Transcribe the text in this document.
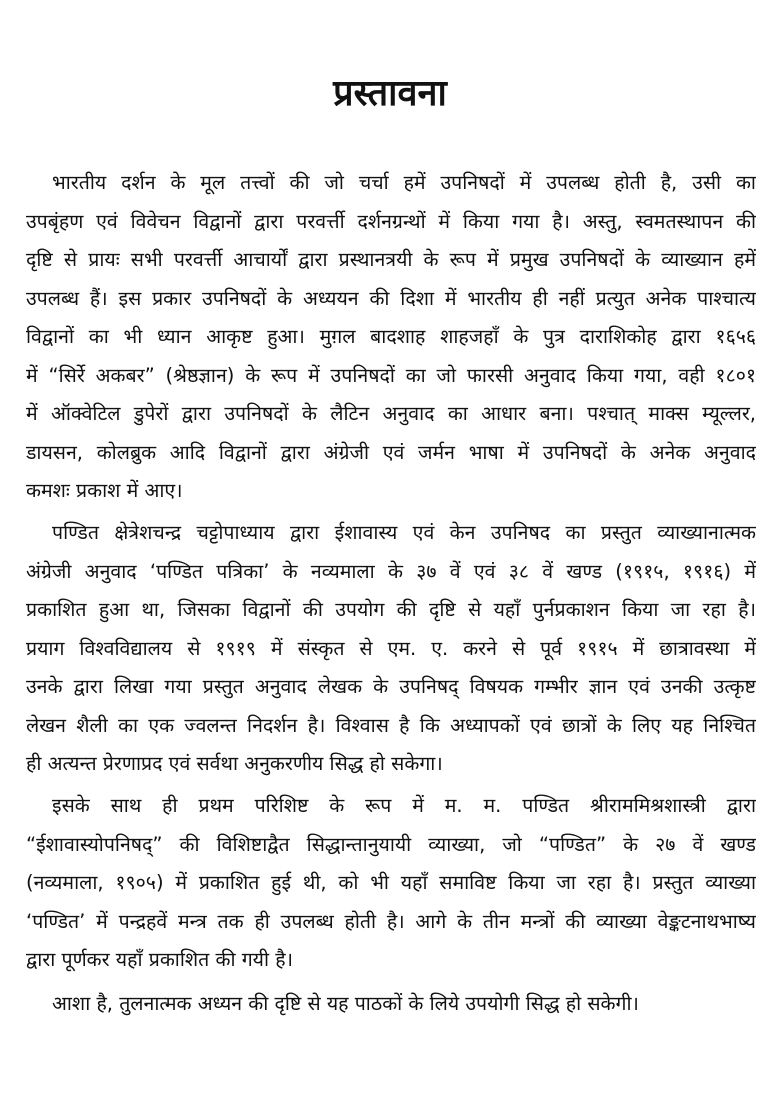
प्रस्तावना
भारतीय दर्शन के मूल तत्त्वों की जो चर्चा हमें उपनिषदों में उपलब्ध होती है, उसी का
उपबृंहण एवं विवेचन विद्वानों द्वारा परवर्त्ती दर्शनग्रन्थों में किया गया है। अस्तु, स्वमतस्थापन की
दृष्टि से प्रायः सभी परवर्त्ती आचार्यों द्वारा प्रस्थानत्रयी के रूप में प्रमुख उपनिषदों के व्याख्यान हमें
उपलब्ध हैं। इस प्रकार उपनिषदों के अध्ययन की दिशा में भारतीय ही नहीं प्रत्युत अनेक पाश्चात्य
विद्वानों का भी ध्यान आकृष्ट हुआ। मुग़ल बादशाह शाहजहाँ के पुत्र दाराशिकोह द्वारा १६५६
में “सिर्रे अकबर” (श्रेष्ठज्ञान) के रूप में उपनिषदों का जो फारसी अनुवाद किया गया, वही १८०१
में ऑक्वेटिल डुपेरों द्वारा उपनिषदों के लैटिन अनुवाद का आधार बना। पश्चात् माक्स म्यूल्लर,
डायसन, कोलब्रुक आदि विद्वानों द्वारा अंग्रेजी एवं जर्मन भाषा में उपनिषदों के अनेक अनुवाद
कमशः प्रकाश में आए।
पण्डित क्षेत्रेशचन्द्र चट्टोपाध्याय द्वारा ईशावास्य एवं केन उपनिषद का प्रस्तुत व्याख्यानात्मक
अंग्रेजी अनुवाद ‘पण्डित पत्रिका’ के नव्यमाला के ३७ वें एवं ३८ वें खण्ड (१९१५, १९१६) में
प्रकाशित हुआ था, जिसका विद्वानों की उपयोग की दृष्टि से यहाँ पुर्नप्रकाशन किया जा रहा है।
प्रयाग विश्वविद्यालय से १९१९ में संस्कृत से एम. ए. करने से पूर्व १९१५ में छात्रावस्था में
उनके द्वारा लिखा गया प्रस्तुत अनुवाद लेखक के उपनिषद् विषयक गम्भीर ज्ञान एवं उनकी उत्कृष्ट
लेखन शैली का एक ज्वलन्त निदर्शन है। विश्वास है कि अध्यापकों एवं छात्रों के लिए यह निश्चित
ही अत्यन्त प्रेरणाप्रद एवं सर्वथा अनुकरणीय सिद्ध हो सकेगा।
इसके साथ ही प्रथम परिशिष्ट के रूप में म. म. पण्डित श्रीराममिश्रशास्त्री द्वारा
“ईशावास्योपनिषद्” की विशिष्टाद्वैत सिद्धान्तानुयायी व्याख्या, जो “पण्डित” के २७ वें खण्ड
(नव्यमाला, १९०५) में प्रकाशित हुई थी, को भी यहाँ समाविष्ट किया जा रहा है। प्रस्तुत व्याख्या
‘पण्डित’ में पन्द्रहवें मन्त्र तक ही उपलब्ध होती है। आगे के तीन मन्त्रों की व्याख्या वेङ्कटनाथभाष्य
द्वारा पूर्णकर यहाँ प्रकाशित की गयी है।
आशा है, तुलनात्मक अध्यन की दृष्टि से यह पाठकों के लिये उपयोगी सिद्ध हो सकेगी।
